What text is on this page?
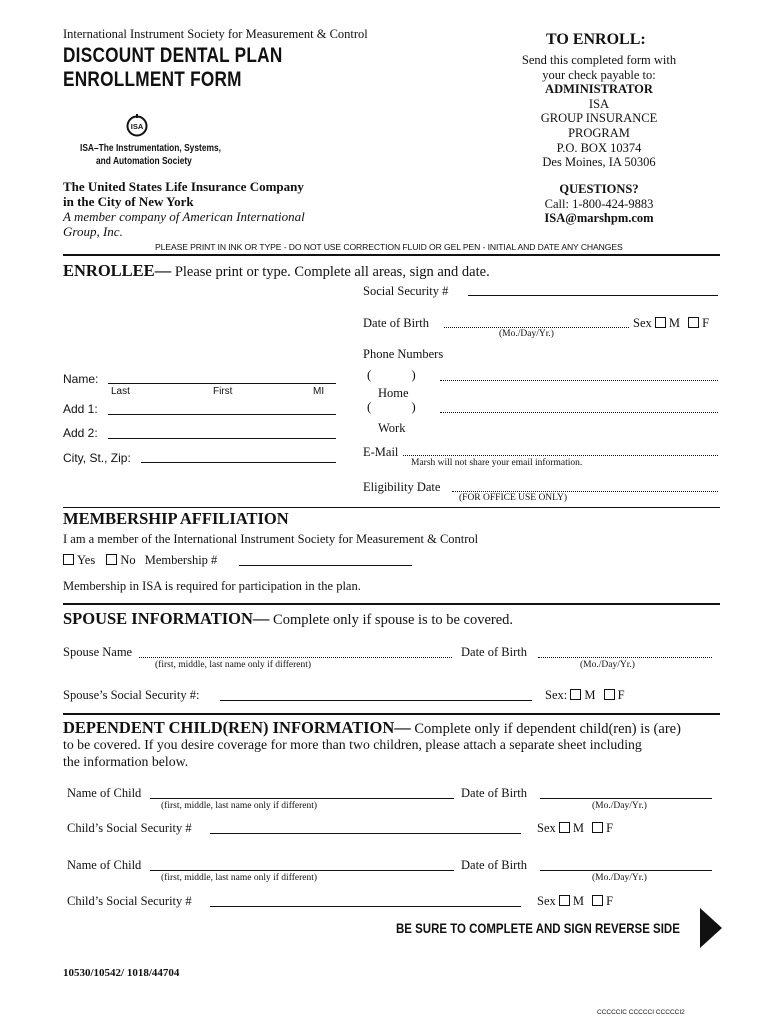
International Instrument Society for Measurement & Control
DISCOUNT DENTAL PLAN
ENROLLMENT FORM
ISA
ISA–The Instrumentation, Systems,
and Automation Society
The United States Life Insurance Company
in the City of New York
A member company of American International
Group, Inc.
PLEASE PRINT IN INK OR TYPE - DO NOT USE CORRECTION FLUID OR GEL PEN - INITIAL AND DATE ANY CHANGES
TO ENROLL:
Send this completed form with
your check payable to:
ADMINISTRATOR
ISA
GROUP INSURANCE
PROGRAM
P.O. BOX 10374
Des Moines, IA 50306
QUESTIONS?
Call: 1-800-424-9883
ISA@marshpm.com
ENROLLEE— Please print or type. Complete all areas, sign and date.
Social Security #
Date of Birth
(Mo./Day/Yr.)
Sex M F
Phone Numbers
(	)
Home
(	)
Work
E-Mail
Marsh will not share your email information.
Eligibility Date
(FOR OFFICE USE ONLY)
Name:
Last	First	MI
Add 1:
Add 2:
City, St., Zip:
MEMBERSHIP AFFILIATION
I am a member of the International Instrument Society for Measurement & Control
Yes No Membership #
Membership in ISA is required for participation in the plan.
SPOUSE INFORMATION— Complete only if spouse is to be covered.
Spouse Name
(first, middle, last name only if different)
Date of Birth
(Mo./Day/Yr.)
Spouse’s Social Security #:	Sex: M F
DEPENDENT CHILD(REN) INFORMATION— Complete only if dependent child(ren) is (are)
to be covered. If you desire coverage for more than two children, please attach a separate sheet including
the information below.
Name of Child
(first, middle, last name only if different)
Date of Birth
(Mo./Day/Yr.)
Child’s Social Security #	Sex M F
Name of Child
(first, middle, last name only if different)
Date of Birth
(Mo./Day/Yr.)
Child’s Social Security #	Sex M F
BE SURE TO COMPLETE AND SIGN REVERSE SIDE
10530/10542/ 1018/44704
CCCCCIC CCCCCI CCCCCI2
